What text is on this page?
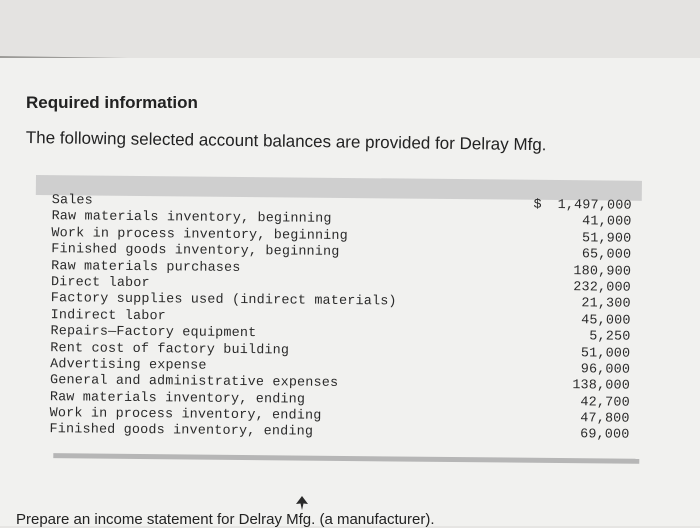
Required information
The following selected account balances are provided for Delray Mfg.
Sales	$ 1,497,000
Raw materials inventory, beginning	41,000
Work in process inventory, beginning	51,900
Finished goods inventory, beginning	65,000
Raw materials purchases	180,900
Direct labor	232,000
Factory supplies used (indirect materials)	21,300
Indirect labor	45,000
Repairs—Factory equipment	5,250
Rent cost of factory building	51,000
Advertising expense	96,000
General and administrative expenses	138,000
Raw materials inventory, ending	42,700
Work in process inventory, ending	47,800
Finished goods inventory, ending	69,000
Prepare an income statement for Delray Mfg. (a manufacturer).
